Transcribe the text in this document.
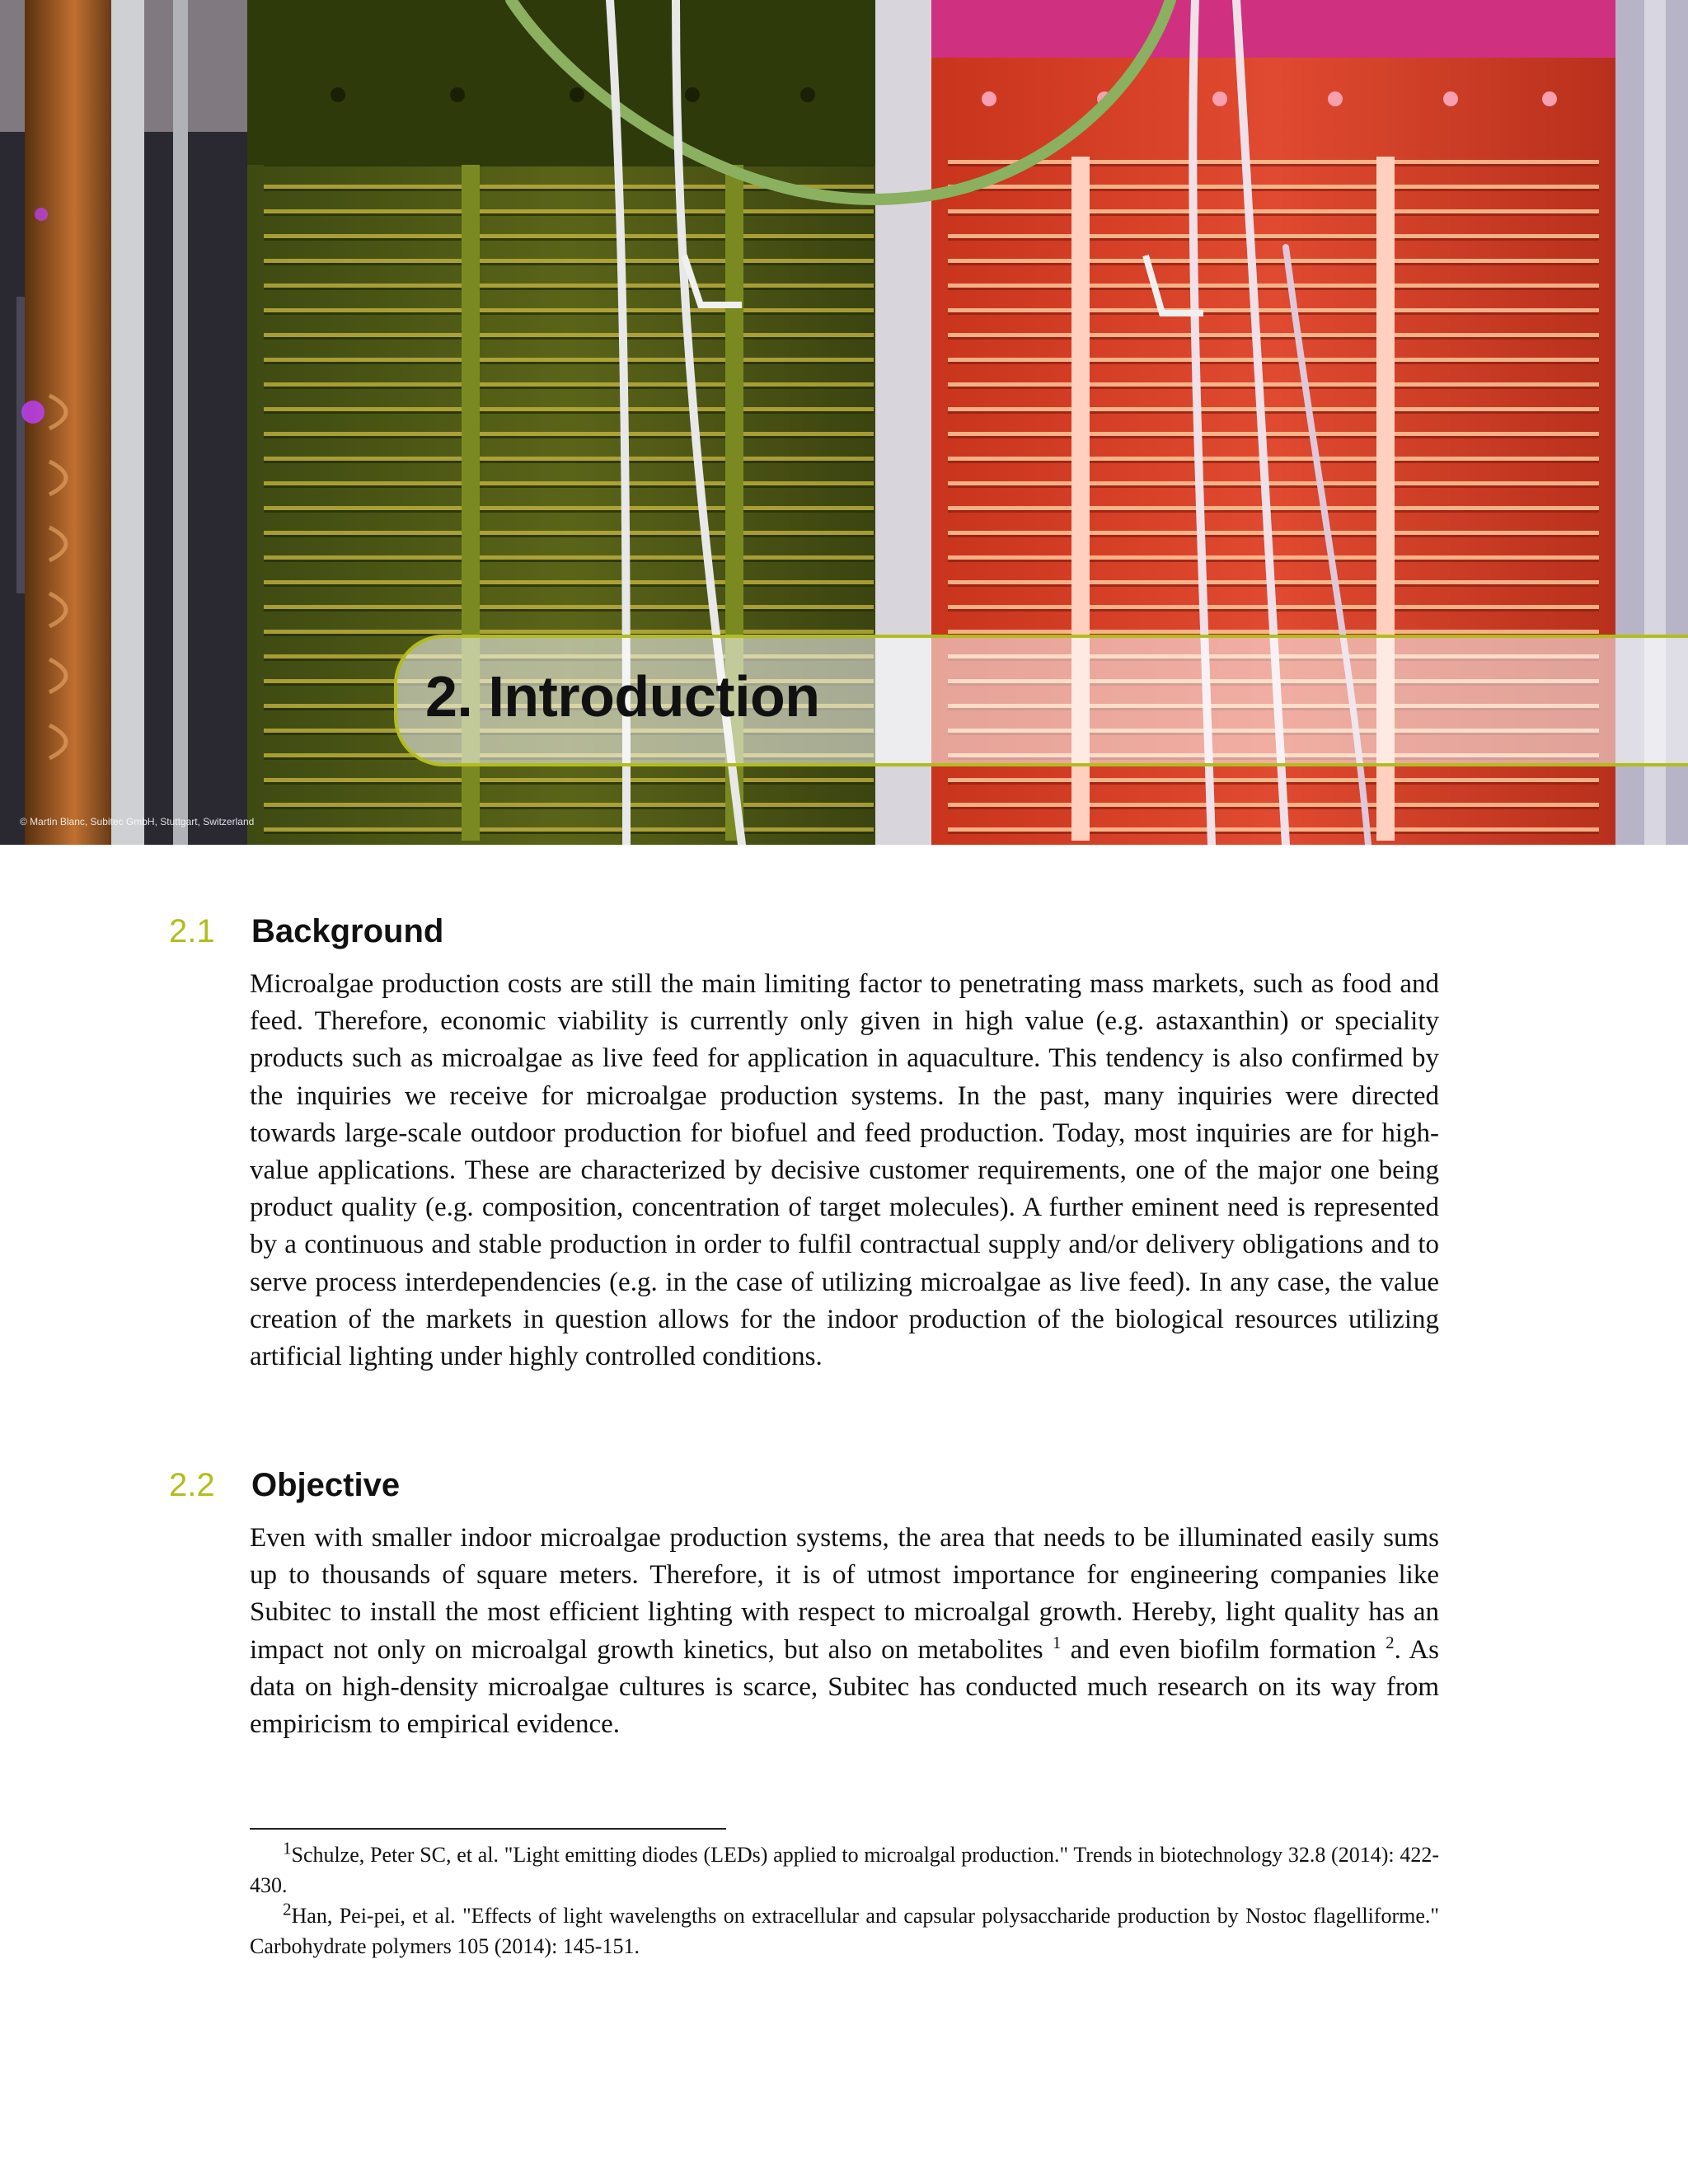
© Martin Blanc, Subitec GmbH, Stuttgart, Switzerland
2. Introduction
2.1 Background

Microalgae production costs are still the main limiting factor to penetrating mass markets, such as food and feed. Therefore, economic viability is currently only given in high value (e.g. astaxanthin) or speciality products such as microalgae as live feed for application in aquaculture. This tendency is also confirmed by the inquiries we receive for microalgae production systems. In the past, many inquiries were directed towards large-scale outdoor production for biofuel and feed production. Today, most inquiries are for high-value applications. These are characterized by decisive customer requirements, one of the major one being product quality (e.g. composition, concentration of target molecules). A further eminent need is represented by a continuous and stable production in order to fulfil contractual supply and/or delivery obligations and to serve process interdependencies (e.g. in the case of utilizing microalgae as live feed). In any case, the value creation of the markets in question allows for the indoor production of the biological resources utilizing artificial lighting under highly controlled conditions.

2.2 Objective

Even with smaller indoor microalgae production systems, the area that needs to be illuminated easily sums up to thousands of square meters. Therefore, it is of utmost importance for engineering companies like Subitec to install the most efficient lighting with respect to microalgal growth. Hereby, light quality has an impact not only on microalgal growth kinetics, but also on metabolites $^1$ and even biofilm formation $^2$. As data on high-density microalgae cultures is scarce, Subitec has conducted much research on its way from empiricism to empirical evidence.

$^1$Schulze, Peter SC, et al. "Light emitting diodes (LEDs) applied to microalgal production." Trends in biotechnology 32.8 (2014): 422-430.

$^2$Han, Pei-pei, et al. "Effects of light wavelengths on extracellular and capsular polysaccharide production by Nostoc flagelliforme." Carbohydrate polymers 105 (2014): 145-151.
